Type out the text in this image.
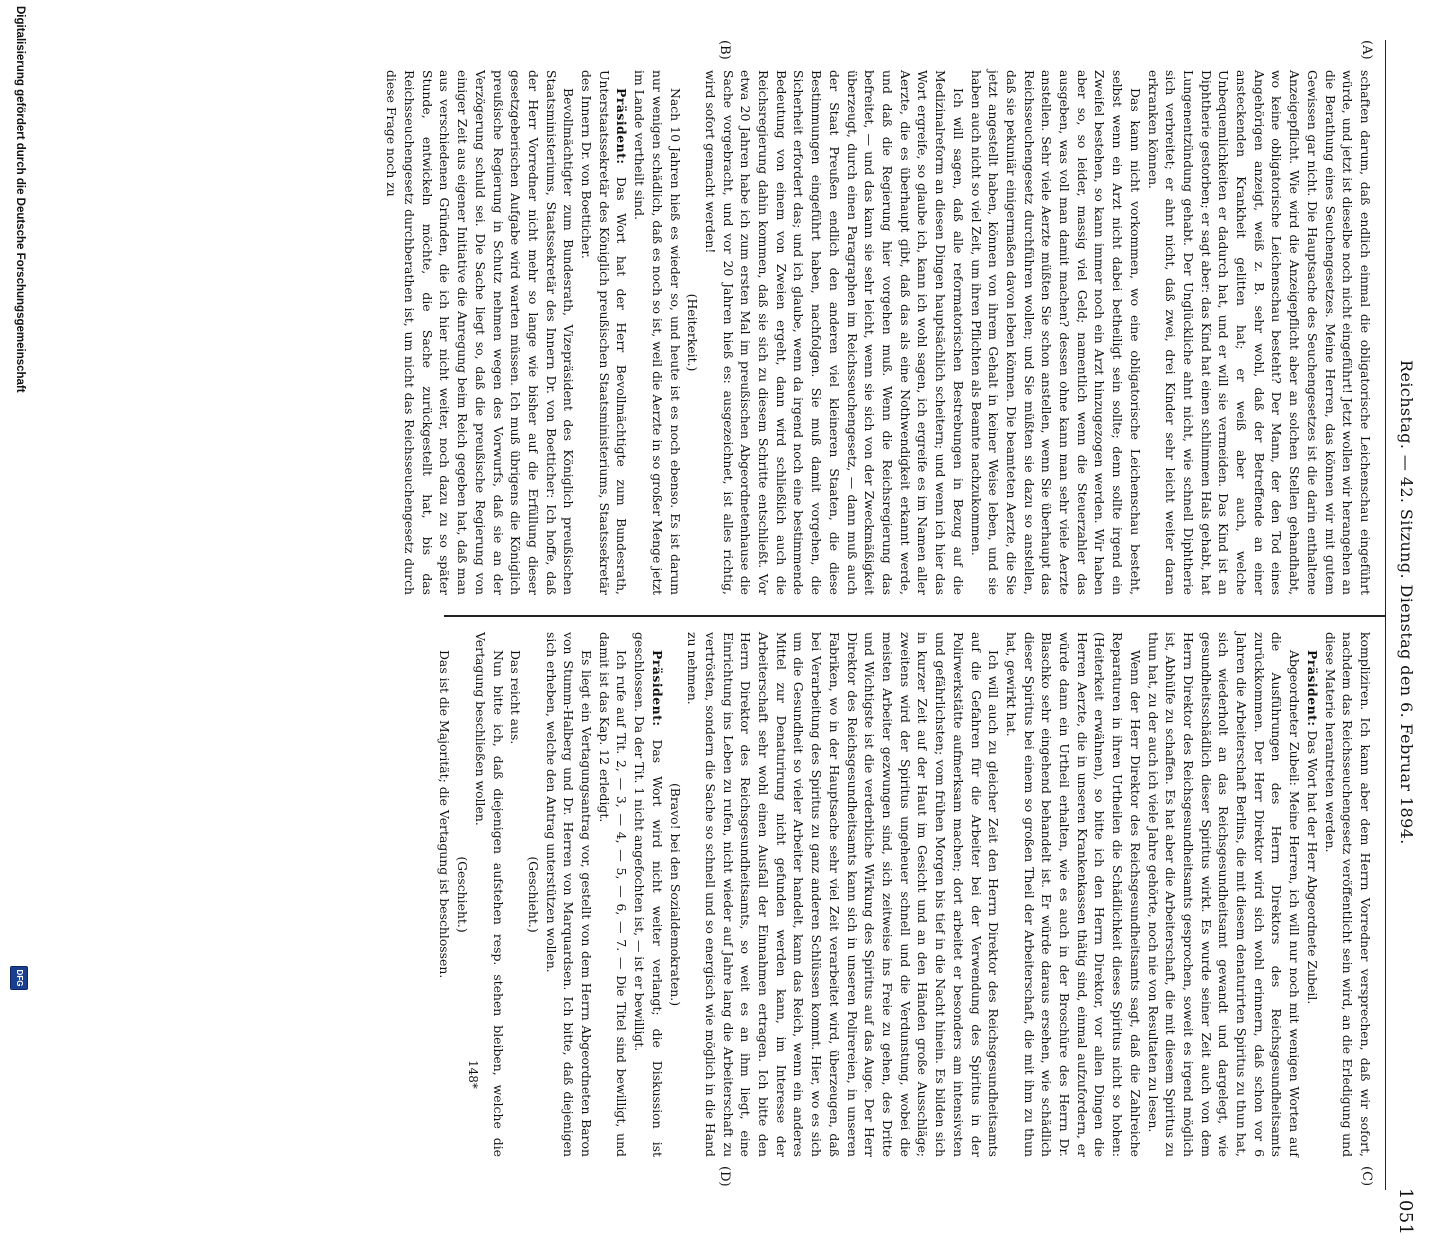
Reichstag. — 42. Sitzung. Dienstag den 6. Februar 1894.
1051
(A)
(B)
(C)
(D)

schaften darum, daß endlich einmal die obligatorische Leichenschau eingeführt würde, und jetzt ist dieselbe noch nicht eingeführt! Jetzt wollen wir herangehen an die Berathung eines Seuchengesetzes. Meine Herren, das können wir mit gutem Gewissen gar nicht. Die Hauptsache des Seuchengesetzes ist die darin enthaltene Anzeigepflicht. Wie wird die Anzeigepflicht aber an solchen Stellen gehandhabt, wo keine obligatorische Leichenschau besteht? Der Mann, der den Tod eines Angehörigen anzeigt, weiß z. B. sehr wohl, daß der Betreffende an einer ansteckenden Krankheit gelitten hat; er weiß aber auch, welche Unbequemlichkeiten er dadurch hat, und er will sie vermeiden. Das Kind ist an Diphtherie gestorben; er sagt aber: das Kind hat einen schlimmen Hals gehabt, hat Lungenentzündung gehabt. Der Unglückliche ahnt nicht, wie schnell Diphtherie sich verbreitet; er ahnt nicht, daß zwei, drei Kinder sehr leicht weiter daran erkranken können.

Das kann nicht vorkommen, wo eine obligatorische Leichenschau besteht, selbst wenn ein Arzt nicht dabei betheiligt sein sollte; denn sollte irgend ein Zweifel bestehen, so kann immer noch ein Arzt hinzugezogen werden. Wir haben aber so, so leider, massig viel Geld; namentlich wenn die Steuerzahler das ausgeben, was voll man damit machen? dessen ohne kann man sehr viele Aerzte anstellen. Sehr viele Aerzte müßten Sie schon anstellen, wenn Sie überhaupt das Reichsseuchengesetz durchführen wollen; und Sie müßten sie dazu so anstellen, daß sie pekuniär einigermaßen davon leben können. Die beamteten Aerzte, die Sie jetzt angestellt haben, können von ihrem Gehalt in keiner Weise leben, und sie haben auch nicht so viel Zeit, um ihren Pflichten als Beamte nachzukommen.

Ich will sagen, daß alle reformatorischen Bestrebungen in Bezug auf die Medizinalreform an diesen Dingen hauptsächlich scheitern; und wenn ich hier das Wort ergreife, so glaube ich, kann ich wohl sagen, ich ergreife es im Namen aller Aerzte, die es überhaupt gibt, daß das als eine Nothwendigkeit erkannt werde, und daß die Regierung hier vorgehen muß. Wenn die Reichsregierung das befreitet, — und das kann sie sehr leicht, wenn sie sich von der Zweckmäßigkeit überzeugt, durch einen Paragraphen im Reichsseuchengesetz, — dann muß auch der Staat Preußen endlich den anderen viel kleineren Staaten, die diese Bestimmungen eingeführt haben, nachfolgen. Sie muß damit vorgehen, die Sicherheit erfordert das; und ich glaube, wenn da irgend noch eine bestimmende Bedeutung von einem von Zweien ergeht, dann wird schließlich auch die Reichsregierung dahin kommen, daß sie sich zu diesem Schritte entschließt. Vor etwa 20 Jahren habe ich zum ersten Mal im preußischen Abgeordnetenhause die Sache vorgebracht, und vor 20 Jahren hieß es: ausgezeichnet, ist alles richtig, wird sofort gemacht werden!

(Heiterkeit.)

Nach 10 Jahren hieß es wieder so, und heute ist es noch ebenso. Es ist darum nur wenigen schädlich, daß es noch so ist, weil die Aerzte in so großer Menge jetzt im Lande vertheilt sind.

Präsident: Das Wort hat der Herr Bevollmächtigte zum Bundesrath, Unterstaatssekretär des Königlich preußischen Staatsministeriums, Staatssekretär des Innern Dr. von Boetticher.

Bevollmächtigter zum Bundesrath, Vizepräsident des Königlich preußischen Staatsministeriums, Staatssekretär des Innern Dr. von Boetticher: Ich hoffe, daß der Herr Vorredner nicht mehr so lange wie bisher auf die Erfüllung dieser gesetzgeberischen Aufgabe wird warten müssen. Ich muß übrigens die Königlich preußische Regierung in Schutz nehmen wegen des Vorwurfs, daß sie an der Verzögerung schuld sei. Die Sache liegt so, daß die preußische Regierung von einiger Zeit aus eigener Initiative die Anregung beim Reich gegeben hat, daß man aus verschiedenen Gründen, die ich hier nicht weiter, noch dazu zu so später Stunde, entwickeln möchte, die Sache zurückgestellt hat, bis das Reichsseuchengesetz durchberathen ist, um nicht das Reichsseuchengesetz durch diese Frage noch zu

kompliziren. Ich kann aber dem Herrn Vorredner versprechen, daß wir sofort, nachdem das Reichsseuchengesetz veröffentlicht sein wird, an die Erledigung und diese Materie herantreten werden.

Präsident: Das Wort hat der Herr Abgeordnete Zubeil.

Abgeordneter Zubeil: Meine Herren, ich will nur noch mit wenigen Worten auf die Ausführungen des Herrn Direktors des Reichsgesundheitsamts zurückkommen. Der Herr Direktor wird sich wohl erinnern, daß schon vor 6 Jahren die Arbeiterschaft Berlins, die mit diesem denaturirten Spiritus zu thun hat, sich wiederholt an das Reichsgesundheitsamt gewandt und dargelegt, wie gesundheitsschädlich dieser Spiritus wirkt. Es wurde seiner Zeit auch von dem Herrn Direktor des Reichsgesundheitsamts gesprochen, soweit es irgend möglich ist, Abhülfe zu schaffen. Es hat aber die Arbeiterschaft, die mit diesem Spiritus zu thun hat, zu der auch ich viele Jahre gehörte, noch nie von Resultaten zu lesen.

Wenn der Herr Direktor des Reichsgesundheitsamts sagt, daß die Zahlreiche Reparaturen in ihren Urtheilen die Schädlichkeit dieses Spiritus nicht so hohen: (Heiterkeit erwähnen), so bitte ich den Herrn Direktor, vor allen Dingen die Herren Aerzte, die in unseren Krankenkassen thätig sind, einmal aufzufordern, er würde dann ein Urtheil erhalten, wie es auch in der Broschüre des Herrn Dr. Blaschko sehr eingehend behandelt ist. Er würde daraus ersehen, wie schädlich dieser Spiritus bei einem so großen Theil der Arbeiterschaft, die mit ihm zu thun hat, gewirkt hat.

Ich will auch zu gleicher Zeit den Herrn Direktor des Reichsgesundheitsamts auf die Gefahren für die Arbeiter bei der Verwendung des Spiritus in der Polirwerkstätte aufmerksam machen; dort arbeitet er besonders am intensivsten und gefährlichsten; vom frühen Morgen bis tief in die Nacht hinein. Es bilden sich in kurzer Zeit auf der Haut im Gesicht und an den Händen große Ausschläge; zweitens wird der Spiritus ungeheuer schnell und die Verdunstung, wobei die meisten Arbeiter gezwungen sind, sich zeitweise ins Freie zu gehen, des Dritte und Wichtigste ist die verderbliche Wirkung des Spiritus auf das Auge. Der Herr Direktor des Reichsgesundheitsamts kann sich in unseren Polirereien, in unseren Fabriken, wo in der Hauptsache sehr viel Zeit verarbeitet wird, überzeugen, daß bei Verarbeitung des Spiritus zu ganz anderen Schlüssen kommt. Hier, wo es sich um die Gesundheit so vieler Arbeiter handelt, kann das Reich, wenn ein anderes Mittel zur Denaturirung nicht gefunden werden kann, im Interesse der Arbeiterschaft sehr wohl einen Ausfall der Einnahmen ertragen. Ich bitte den Herrn Direktor des Reichsgesundheitsamts, so weit es an ihm liegt, eine Einrichtung ins Leben zu rufen, nicht wieder auf Jahre lang die Arbeiterschaft zu vertrösten, sondern die Sache so schnell und so energisch wie möglich in die Hand zu nehmen.

(Bravo! bei den Sozialdemokraten.)

Präsident: Das Wort wird nicht weiter verlangt; die Diskussion ist geschlossen. Da der Tit. 1 nicht angefochten ist, — ist er bewilligt.

Ich rufe auf Tit. 2, — 3, — 4, — 5, — 6, — 7. — Die Titel sind bewilligt, und damit ist das Kap. 12 erledigt.

Es liegt ein Vertagungsantrag vor, gestellt von dem Herrn Abgeordneten Baron von Stumm-Halberg und Dr. Herren von Marquardsen. Ich bitte, daß diejenigen sich erheben, welche den Antrag unterstützen wollen.

(Geschieht.)

Das reicht aus.

Nun bitte ich, daß diejenigen aufstehen resp. stehen bleiben, welche die Vertagung beschließen wollen.

(Geschieht.)

Das ist die Majorität; die Vertagung ist beschlossen.

148*
Digitalisierung gefördert durch die Deutsche Forschungsgemeinschaft
DFG
